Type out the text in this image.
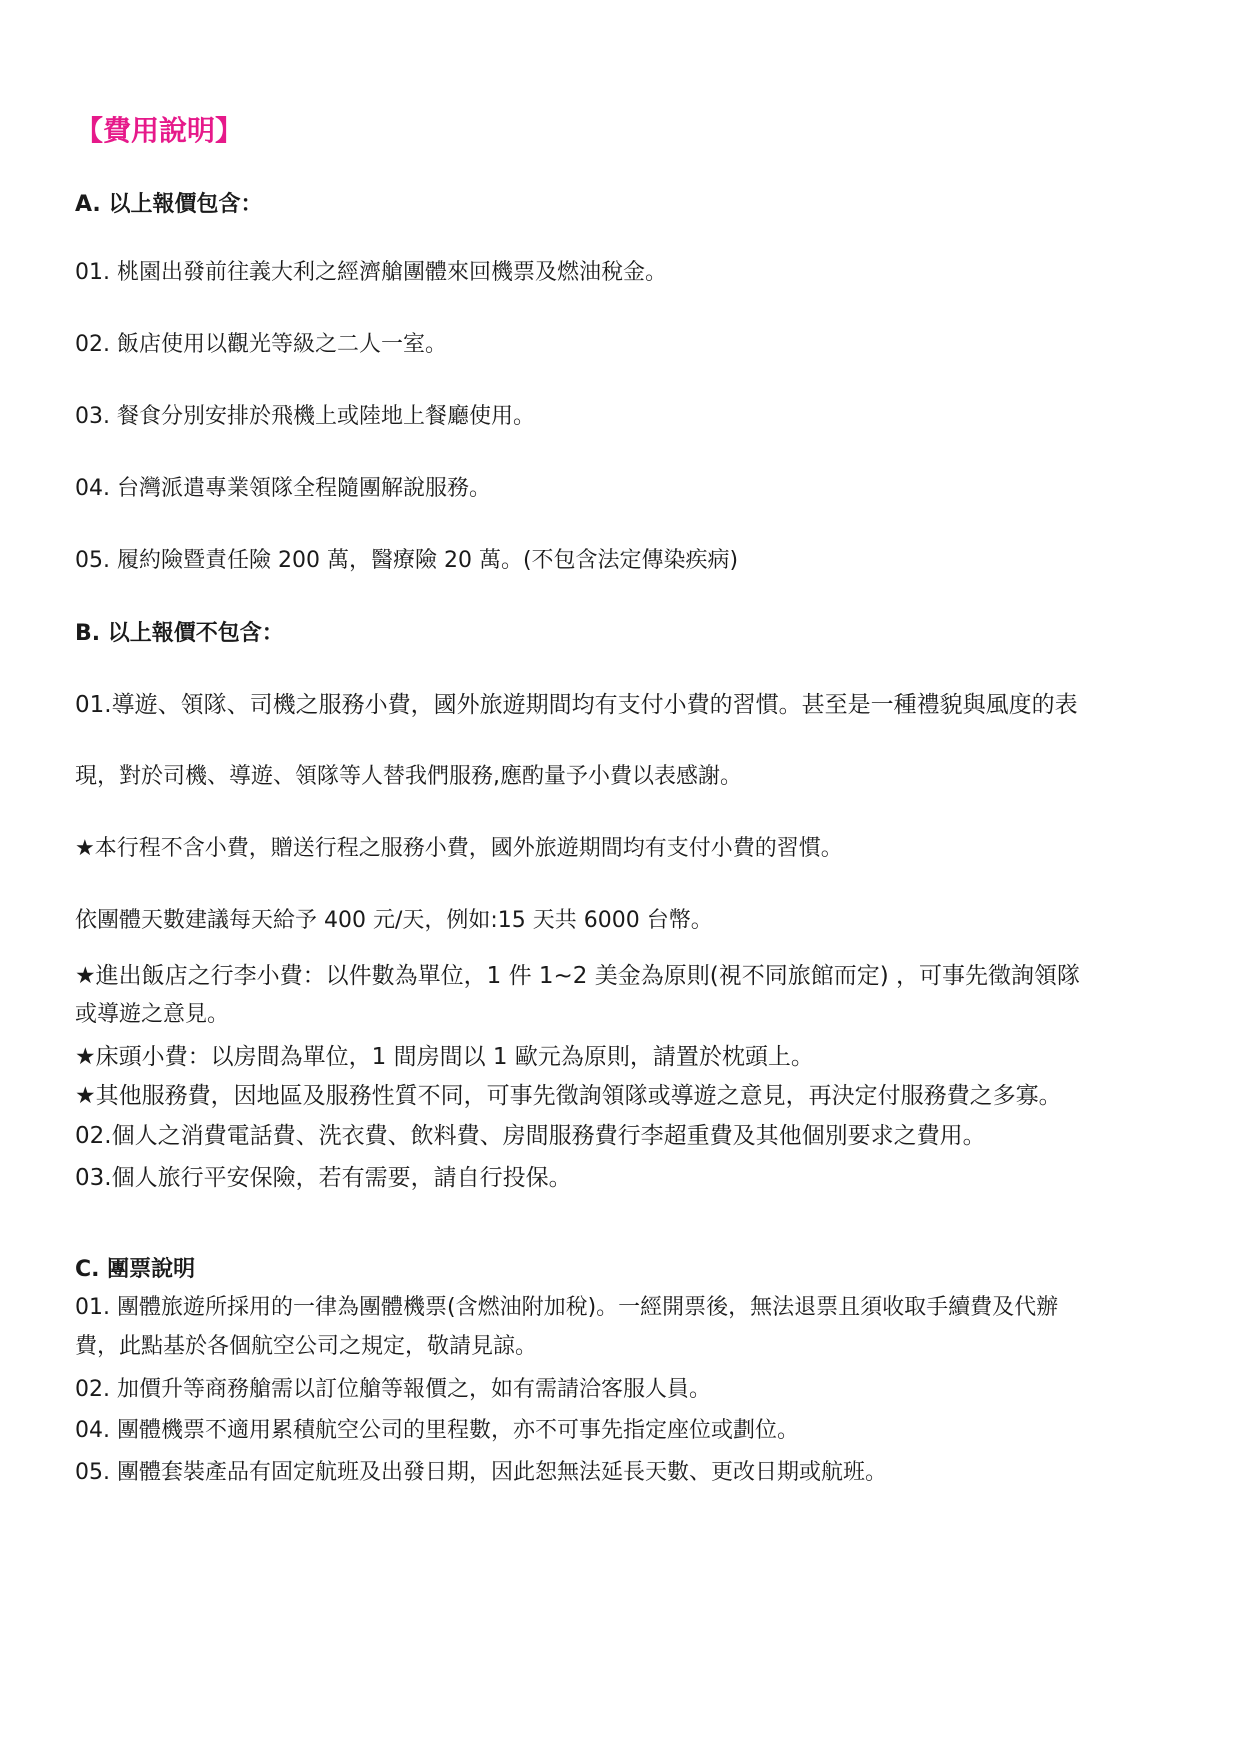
【費用說明】
A. 以上報價包含：
01. 桃園出發前往義大利之經濟艙團體來回機票及燃油稅金。
02. 飯店使用以觀光等級之二人一室。
03. 餐食分別安排於飛機上或陸地上餐廳使用。
04. 台灣派遣專業領隊全程隨團解說服務。
05. 履約險暨責任險 200 萬，醫療險 20 萬。(不包含法定傳染疾病)
B. 以上報價不包含：
01.導遊、領隊、司機之服務小費，國外旅遊期間均有支付小費的習慣。甚至是一種禮貌與風度的表
現，對於司機、導遊、領隊等人替我們服務,應酌量予小費以表感謝。
★本行程不含小費，贈送行程之服務小費，國外旅遊期間均有支付小費的習慣。
依團體天數建議每天給予 400 元/天，例如:15 天共 6000 台幣。
★進出飯店之行李小費：以件數為單位，1 件 1~2 美金為原則(視不同旅館而定) ，可事先徵詢領隊
或導遊之意見。
★床頭小費：以房間為單位，1 間房間以 1 歐元為原則，請置於枕頭上。
★其他服務費，因地區及服務性質不同，可事先徵詢領隊或導遊之意見，再決定付服務費之多寡。
02.個人之消費電話費、洗衣費、飲料費、房間服務費行李超重費及其他個別要求之費用。
03.個人旅行平安保險，若有需要，請自行投保。
C. 團票說明
01. 團體旅遊所採用的一律為團體機票(含燃油附加稅)。一經開票後，無法退票且須收取手續費及代辦
費，此點基於各個航空公司之規定，敬請見諒。
02. 加價升等商務艙需以訂位艙等報價之，如有需請洽客服人員。
04. 團體機票不適用累積航空公司的里程數，亦不可事先指定座位或劃位。
05. 團體套裝產品有固定航班及出發日期，因此恕無法延長天數、更改日期或航班。
